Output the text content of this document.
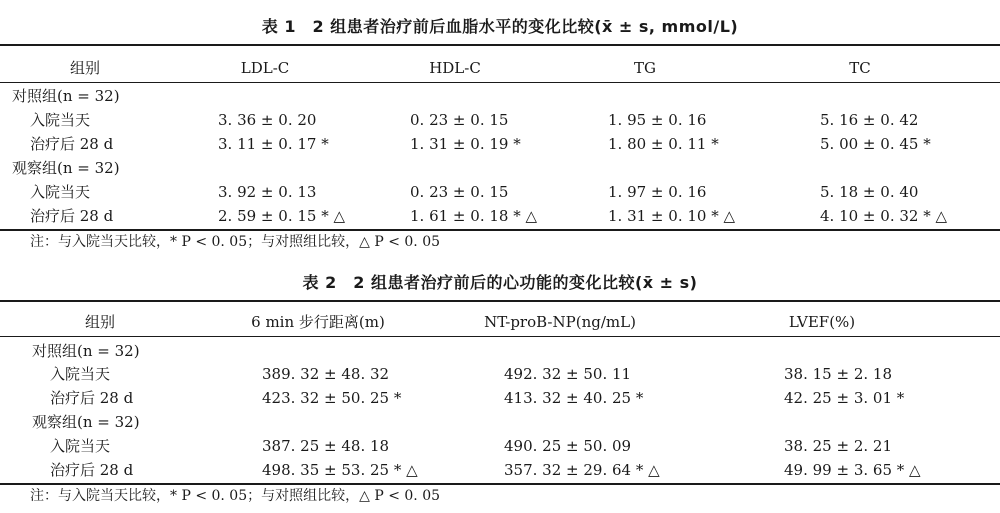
表 1　2 组患者治疗前后血脂水平的变化比较(x̄ ± s, mmol/L)
组别	LDL-C	HDL-C	TG	TC
对照组(n = 32)
入院当天	3. 36 ± 0. 20	0. 23 ± 0. 15	1. 95 ± 0. 16	5. 16 ± 0. 42
治疗后 28 d	3. 11 ± 0. 17 *	1. 31 ± 0. 19 *	1. 80 ± 0. 11 *	5. 00 ± 0. 45 *
观察组(n = 32)
入院当天	3. 92 ± 0. 13	0. 23 ± 0. 15	1. 97 ± 0. 16	5. 18 ± 0. 40
治疗后 28 d	2. 59 ± 0. 15 * △	1. 61 ± 0. 18 * △	1. 31 ± 0. 10 * △	4. 10 ± 0. 32 * △
注：与入院当天比较，* P < 0. 05；与对照组比较，△ P < 0. 05
表 2　2 组患者治疗前后的心功能的变化比较(x̄ ± s)
组别	6 min 步行距离(m)	NT-proB-NP(ng/mL)	LVEF(%)
对照组(n = 32)
入院当天	389. 32 ± 48. 32	492. 32 ± 50. 11	38. 15 ± 2. 18
治疗后 28 d	423. 32 ± 50. 25 *	413. 32 ± 40. 25 *	42. 25 ± 3. 01 *
观察组(n = 32)
入院当天	387. 25 ± 48. 18	490. 25 ± 50. 09	38. 25 ± 2. 21
治疗后 28 d	498. 35 ± 53. 25 * △	357. 32 ± 29. 64 * △	49. 99 ± 3. 65 * △
注：与入院当天比较，* P < 0. 05；与对照组比较，△ P < 0. 05
